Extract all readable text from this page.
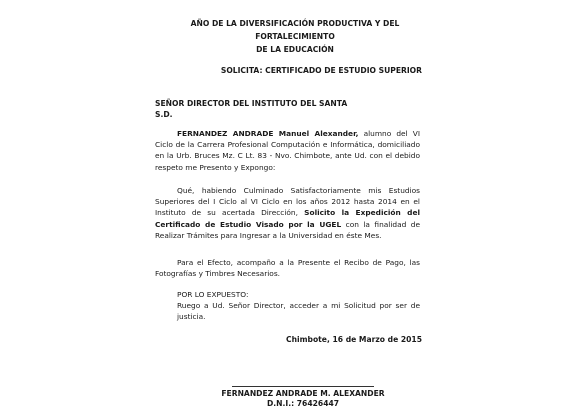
AÑO DE LA DIVERSIFICACIÓN PRODUCTIVA Y DEL FORTALECIMIENTO
DE LA EDUCACIÓN
SOLICITA: CERTIFICADO DE ESTUDIO SUPERIOR
SEÑOR DIRECTOR DEL INSTITUTO DEL SANTA
S.D.
FERNANDEZ ANDRADE Manuel Alexander, alumno del VI Ciclo de la Carrera Profesional Computación e Informática, domiciliado en la Urb. Bruces Mz. C Lt. 83 - Nvo. Chimbote, ante Ud. con el debido respeto me Presento y Expongo:
Qué, habiendo Culminado Satisfactoriamente mis Estudios Superiores del I Ciclo al VI Ciclo en los años 2012 hasta 2014 en el Instituto de su acertada Dirección, Solicito la Expedición del Certificado de Estudio Visado por la UGEL con la finalidad de Realizar Trámites para Ingresar a la Universidad en éste Mes.
Para el Efecto, acompaño a la Presente el Recibo de Pago, las Fotografías y Timbres Necesarios.
POR LO EXPUESTO:
Ruego a Ud. Señor Director, acceder a mi Solicitud por ser de justicia.
Chimbote, 16 de Marzo de 2015
FERNANDEZ ANDRADE M. ALEXANDER
D.N.I.: 76426447
